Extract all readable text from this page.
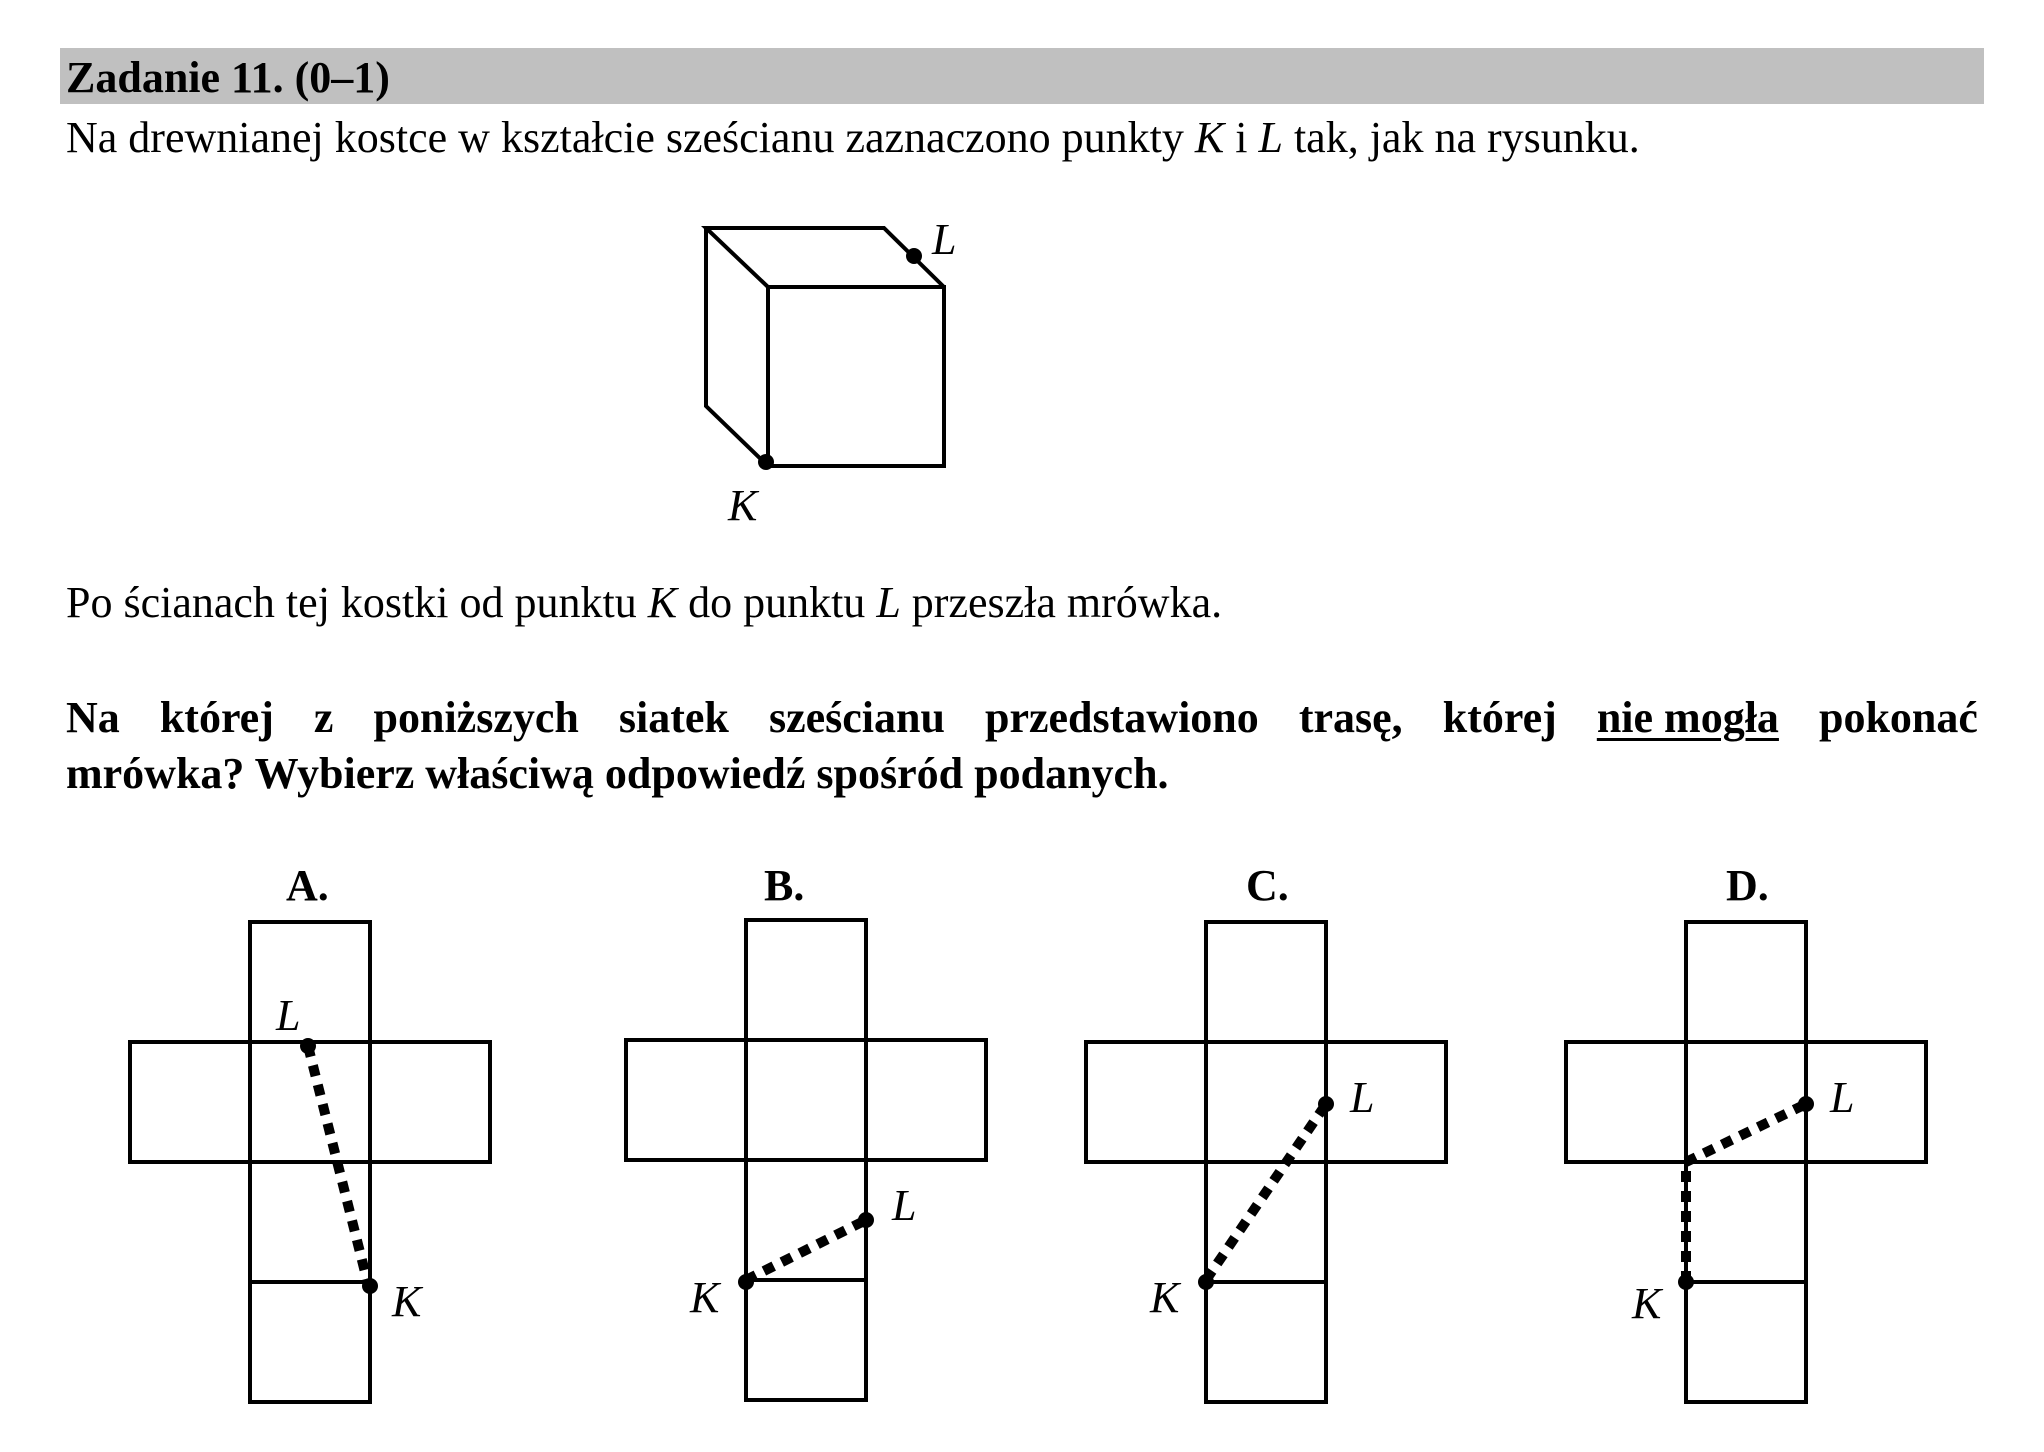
Zadanie 11. (0–1)
Na drewnianej kostce w kształcie sześcianu zaznaczono punkty K i L tak, jak na rysunku.
Po ścianach tej kostki od punktu K do punktu L przeszła mrówka.
Na której z poniższych siatek sześcianu przedstawiono trasę, której nie mogła pokonać
mrówka? Wybierz właściwą odpowiedź spośród podanych.
L
K
A.
L
K
B.
L
K
C.
L
K
D.
L
K
